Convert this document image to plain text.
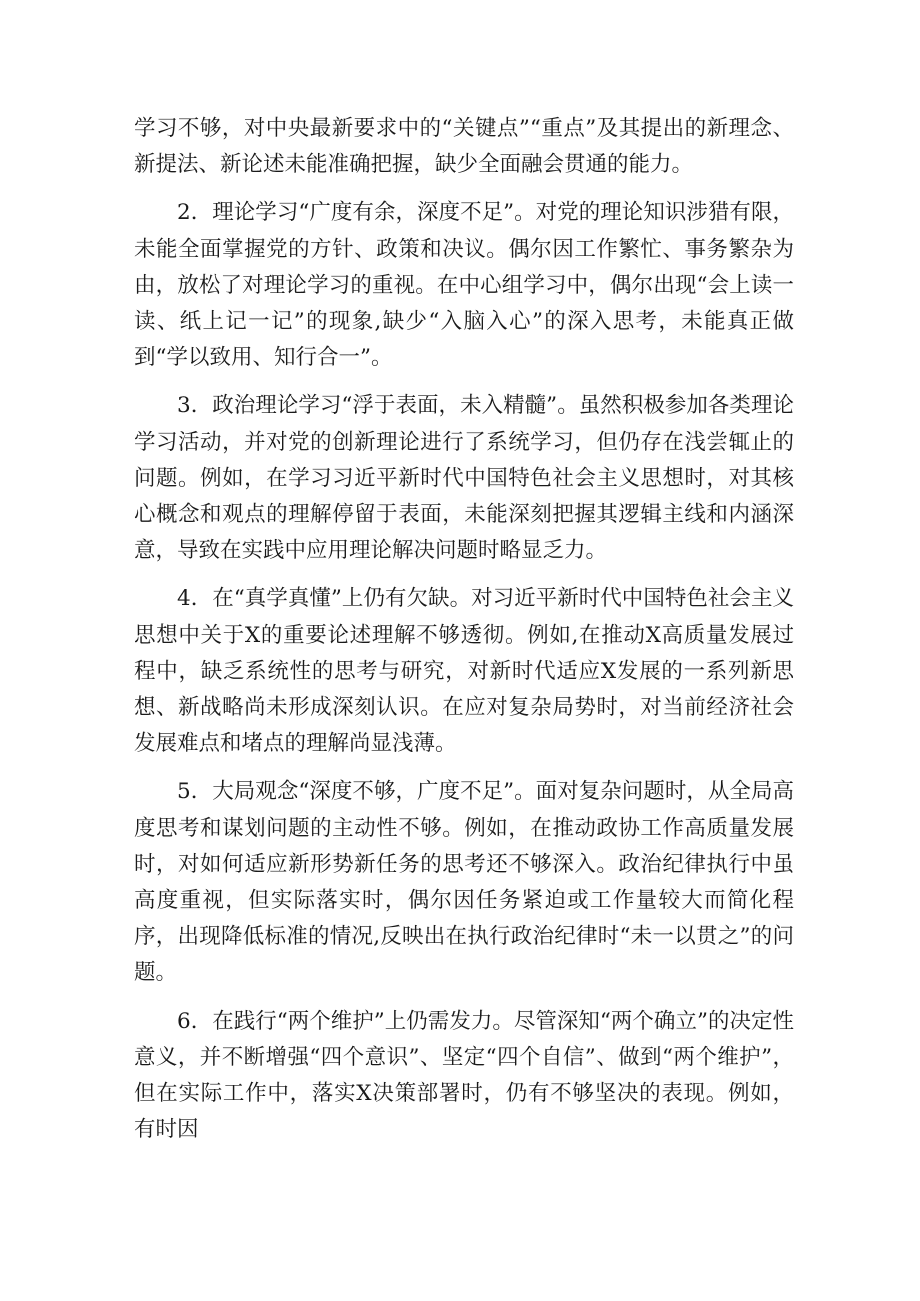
学习不够，对中央最新要求中的“关键点”“重点”及其提出的新理念、新提法、新论述未能准确把握，缺少全面融会贯通的能力。

2．理论学习“广度有余，深度不足”。对党的理论知识涉猎有限，未能全面掌握党的方针、政策和决议。偶尔因工作繁忙、事务繁杂为由，放松了对理论学习的重视。在中心组学习中，偶尔出现“会上读一读、纸上记一记”的现象,缺少“入脑入心”的深入思考，未能真正做到“学以致用、知行合一”。

3．政治理论学习“浮于表面，未入精髓”。虽然积极参加各类理论学习活动，并对党的创新理论进行了系统学习，但仍存在浅尝辄止的问题。例如，在学习习近平新时代中国特色社会主义思想时，对其核心概念和观点的理解停留于表面，未能深刻把握其逻辑主线和内涵深意，导致在实践中应用理论解决问题时略显乏力。

4．在“真学真懂”上仍有欠缺。对习近平新时代中国特色社会主义思想中关于X的重要论述理解不够透彻。例如,在推动X高质量发展过程中，缺乏系统性的思考与研究，对新时代适应X发展的一系列新思想、新战略尚未形成深刻认识。在应对复杂局势时，对当前经济社会发展难点和堵点的理解尚显浅薄。

5．大局观念“深度不够，广度不足”。面对复杂问题时，从全局高度思考和谋划问题的主动性不够。例如，在推动政协工作高质量发展时，对如何适应新形势新任务的思考还不够深入。政治纪律执行中虽高度重视，但实际落实时，偶尔因任务紧迫或工作量较大而简化程序，出现降低标准的情况,反映出在执行政治纪律时“未一以贯之”的问题。

6．在践行“两个维护”上仍需发力。尽管深知“两个确立”的决定性意义，并不断增强“四个意识”、坚定“四个自信”、做到“两个维护”，但在实际工作中，落实X决策部署时，仍有不够坚决的表现。例如，有时因
